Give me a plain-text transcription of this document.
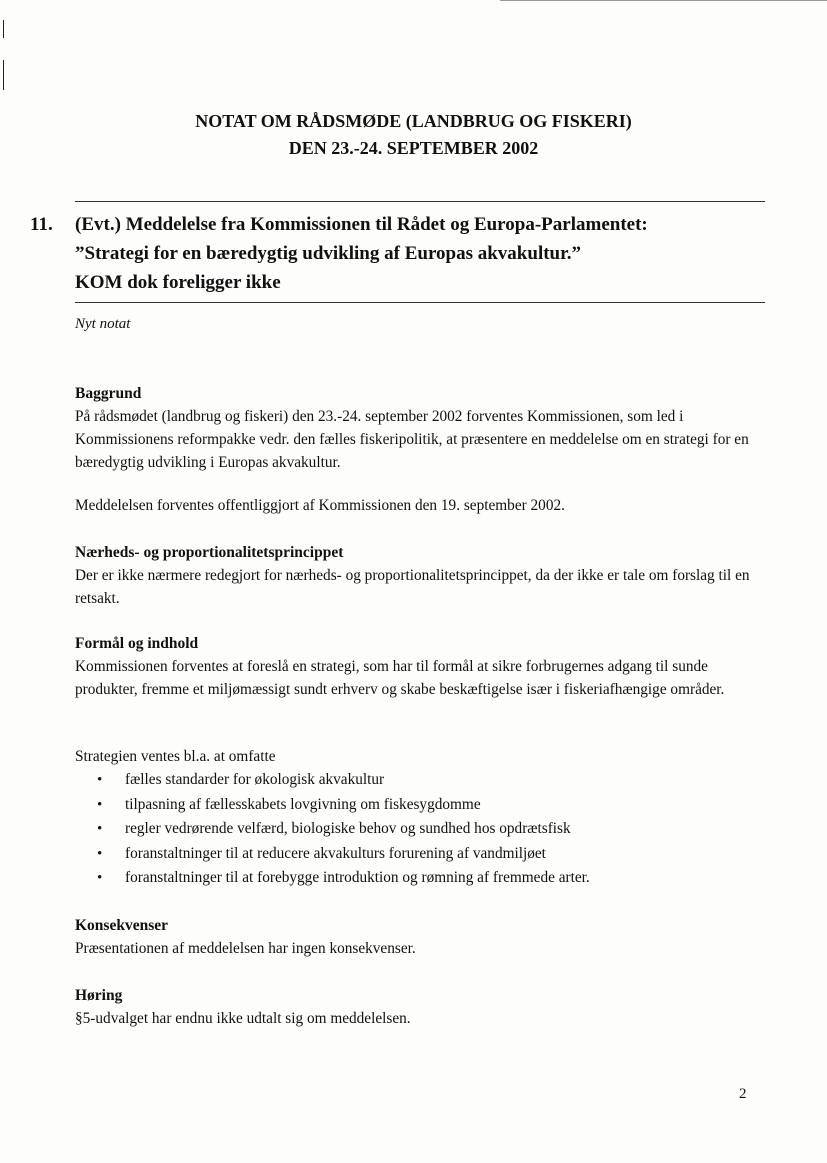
NOTAT OM RÅDSMØDE (LANDBRUG OG FISKERI)
DEN 23.-24. SEPTEMBER 2002
11. (Evt.) Meddelelse fra Kommissionen til Rådet og Europa-Parlamentet:
”Strategi for en bæredygtig udvikling af Europas akvakultur.”
KOM dok foreligger ikke
Nyt notat
Baggrund

På rådsmødet (landbrug og fiskeri) den 23.-24. september 2002 forventes Kommissionen, som led i Kommissionens reformpakke vedr. den fælles fiskeripolitik, at præsentere en meddelelse om en strategi for en bæredygtig udvikling i Europas akvakultur.

Meddelelsen forventes offentliggjort af Kommissionen den 19. september 2002.

Nærheds- og proportionalitetsprincippet

Der er ikke nærmere redegjort for nærheds- og proportionalitetsprincippet, da der ikke er tale om forslag til en retsakt.

Formål og indhold

Kommissionen forventes at foreslå en strategi, som har til formål at sikre forbrugernes adgang til sunde produkter, fremme et miljømæssigt sundt erhverv og skabe beskæftigelse især i fiskeriafhængige områder.

Strategien ventes bl.a. at omfatte

• fælles standarder for økologisk akvakultur
• tilpasning af fællesskabets lovgivning om fiskesygdomme
• regler vedrørende velfærd, biologiske behov og sundhed hos opdrætsfisk
• foranstaltninger til at reducere akvakulturs forurening af vandmiljøet
• foranstaltninger til at forebygge introduktion og rømning af fremmede arter.
Konsekvenser

Præsentationen af meddelelsen har ingen konsekvenser.

Høring

§5-udvalget har endnu ikke udtalt sig om meddelelsen.

2
